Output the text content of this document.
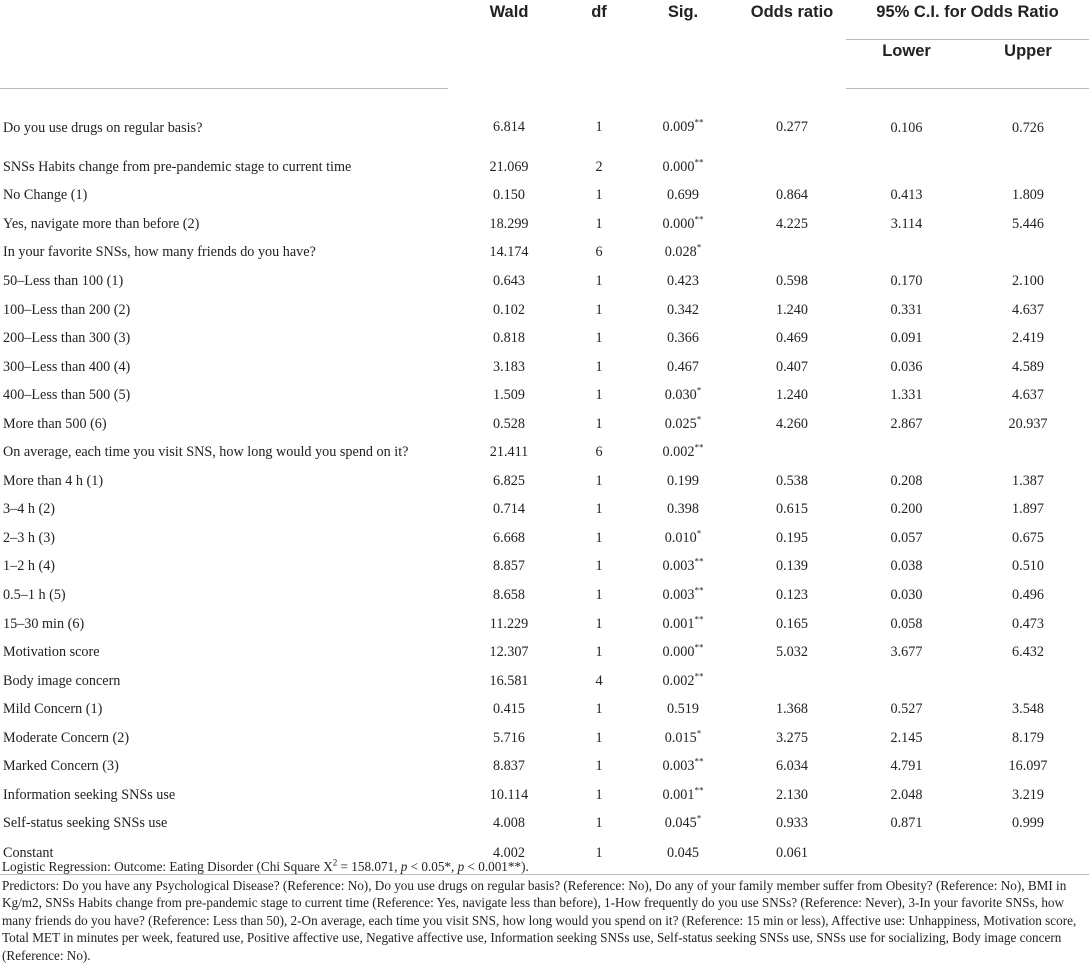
	Wald	df	Sig.	Odds ratio	95% C.I. for Odds Ratio	
					Lower	Upper
Do you use drugs on regular basis?	6.814	1	0.009**	0.277	0.106	0.726
SNSs Habits change from pre-pandemic stage to current time	21.069	2	0.000**			
No Change (1)	0.150	1	0.699	0.864	0.413	1.809
Yes, navigate more than before (2)	18.299	1	0.000**	4.225	3.114	5.446
In your favorite SNSs, how many friends do you have?	14.174	6	0.028*			
50–Less than 100 (1)	0.643	1	0.423	0.598	0.170	2.100
100–Less than 200 (2)	0.102	1	0.342	1.240	0.331	4.637
200–Less than 300 (3)	0.818	1	0.366	0.469	0.091	2.419
300–Less than 400 (4)	3.183	1	0.467	0.407	0.036	4.589
400–Less than 500 (5)	1.509	1	0.030*	1.240	1.331	4.637
More than 500 (6)	0.528	1	0.025*	4.260	2.867	20.937
On average, each time you visit SNS, how long would you spend on it?	21.411	6	0.002**			
More than 4 h (1)	6.825	1	0.199	0.538	0.208	1.387
3–4 h (2)	0.714	1	0.398	0.615	0.200	1.897
2–3 h (3)	6.668	1	0.010*	0.195	0.057	0.675
1–2 h (4)	8.857	1	0.003**	0.139	0.038	0.510
0.5–1 h (5)	8.658	1	0.003**	0.123	0.030	0.496
15–30 min (6)	11.229	1	0.001**	0.165	0.058	0.473
Motivation score	12.307	1	0.000**	5.032	3.677	6.432
Body image concern	16.581	4	0.002**			
Mild Concern (1)	0.415	1	0.519	1.368	0.527	3.548
Moderate Concern (2)	5.716	1	0.015*	3.275	2.145	8.179
Marked Concern (3)	8.837	1	0.003**	6.034	4.791	16.097
Information seeking SNSs use	10.114	1	0.001**	2.130	2.048	3.219
Self-status seeking SNSs use	4.008	1	0.045*	0.933	0.871	0.999
Constant	4.002	1	0.045	0.061		

Logistic Regression: Outcome: Eating Disorder (Chi Square $X^2 = 158.071$, p < 0.05*, p < 0.001**).

Predictors: Do you have any Psychological Disease? (Reference: No), Do you use drugs on regular basis? (Reference: No), Do any of your family member suffer from Obesity? (Reference: No), BMI in Kg/m2, SNSs Habits change from pre-pandemic stage to current time (Reference: Yes, navigate less than before), 1-How frequently do you use SNSs? (Reference: Never), 3-In your favorite SNSs, how many friends do you have? (Reference: Less than 50), 2-On average, each time you visit SNS, how long would you spend on it? (Reference: 15 min or less), Affective use: Unhappiness, Motivation score, Total MET in minutes per week, featured use, Positive affective use, Negative affective use, Information seeking SNSs use, Self-status seeking SNSs use, SNSs use for socializing, Body image concern (Reference: No).
